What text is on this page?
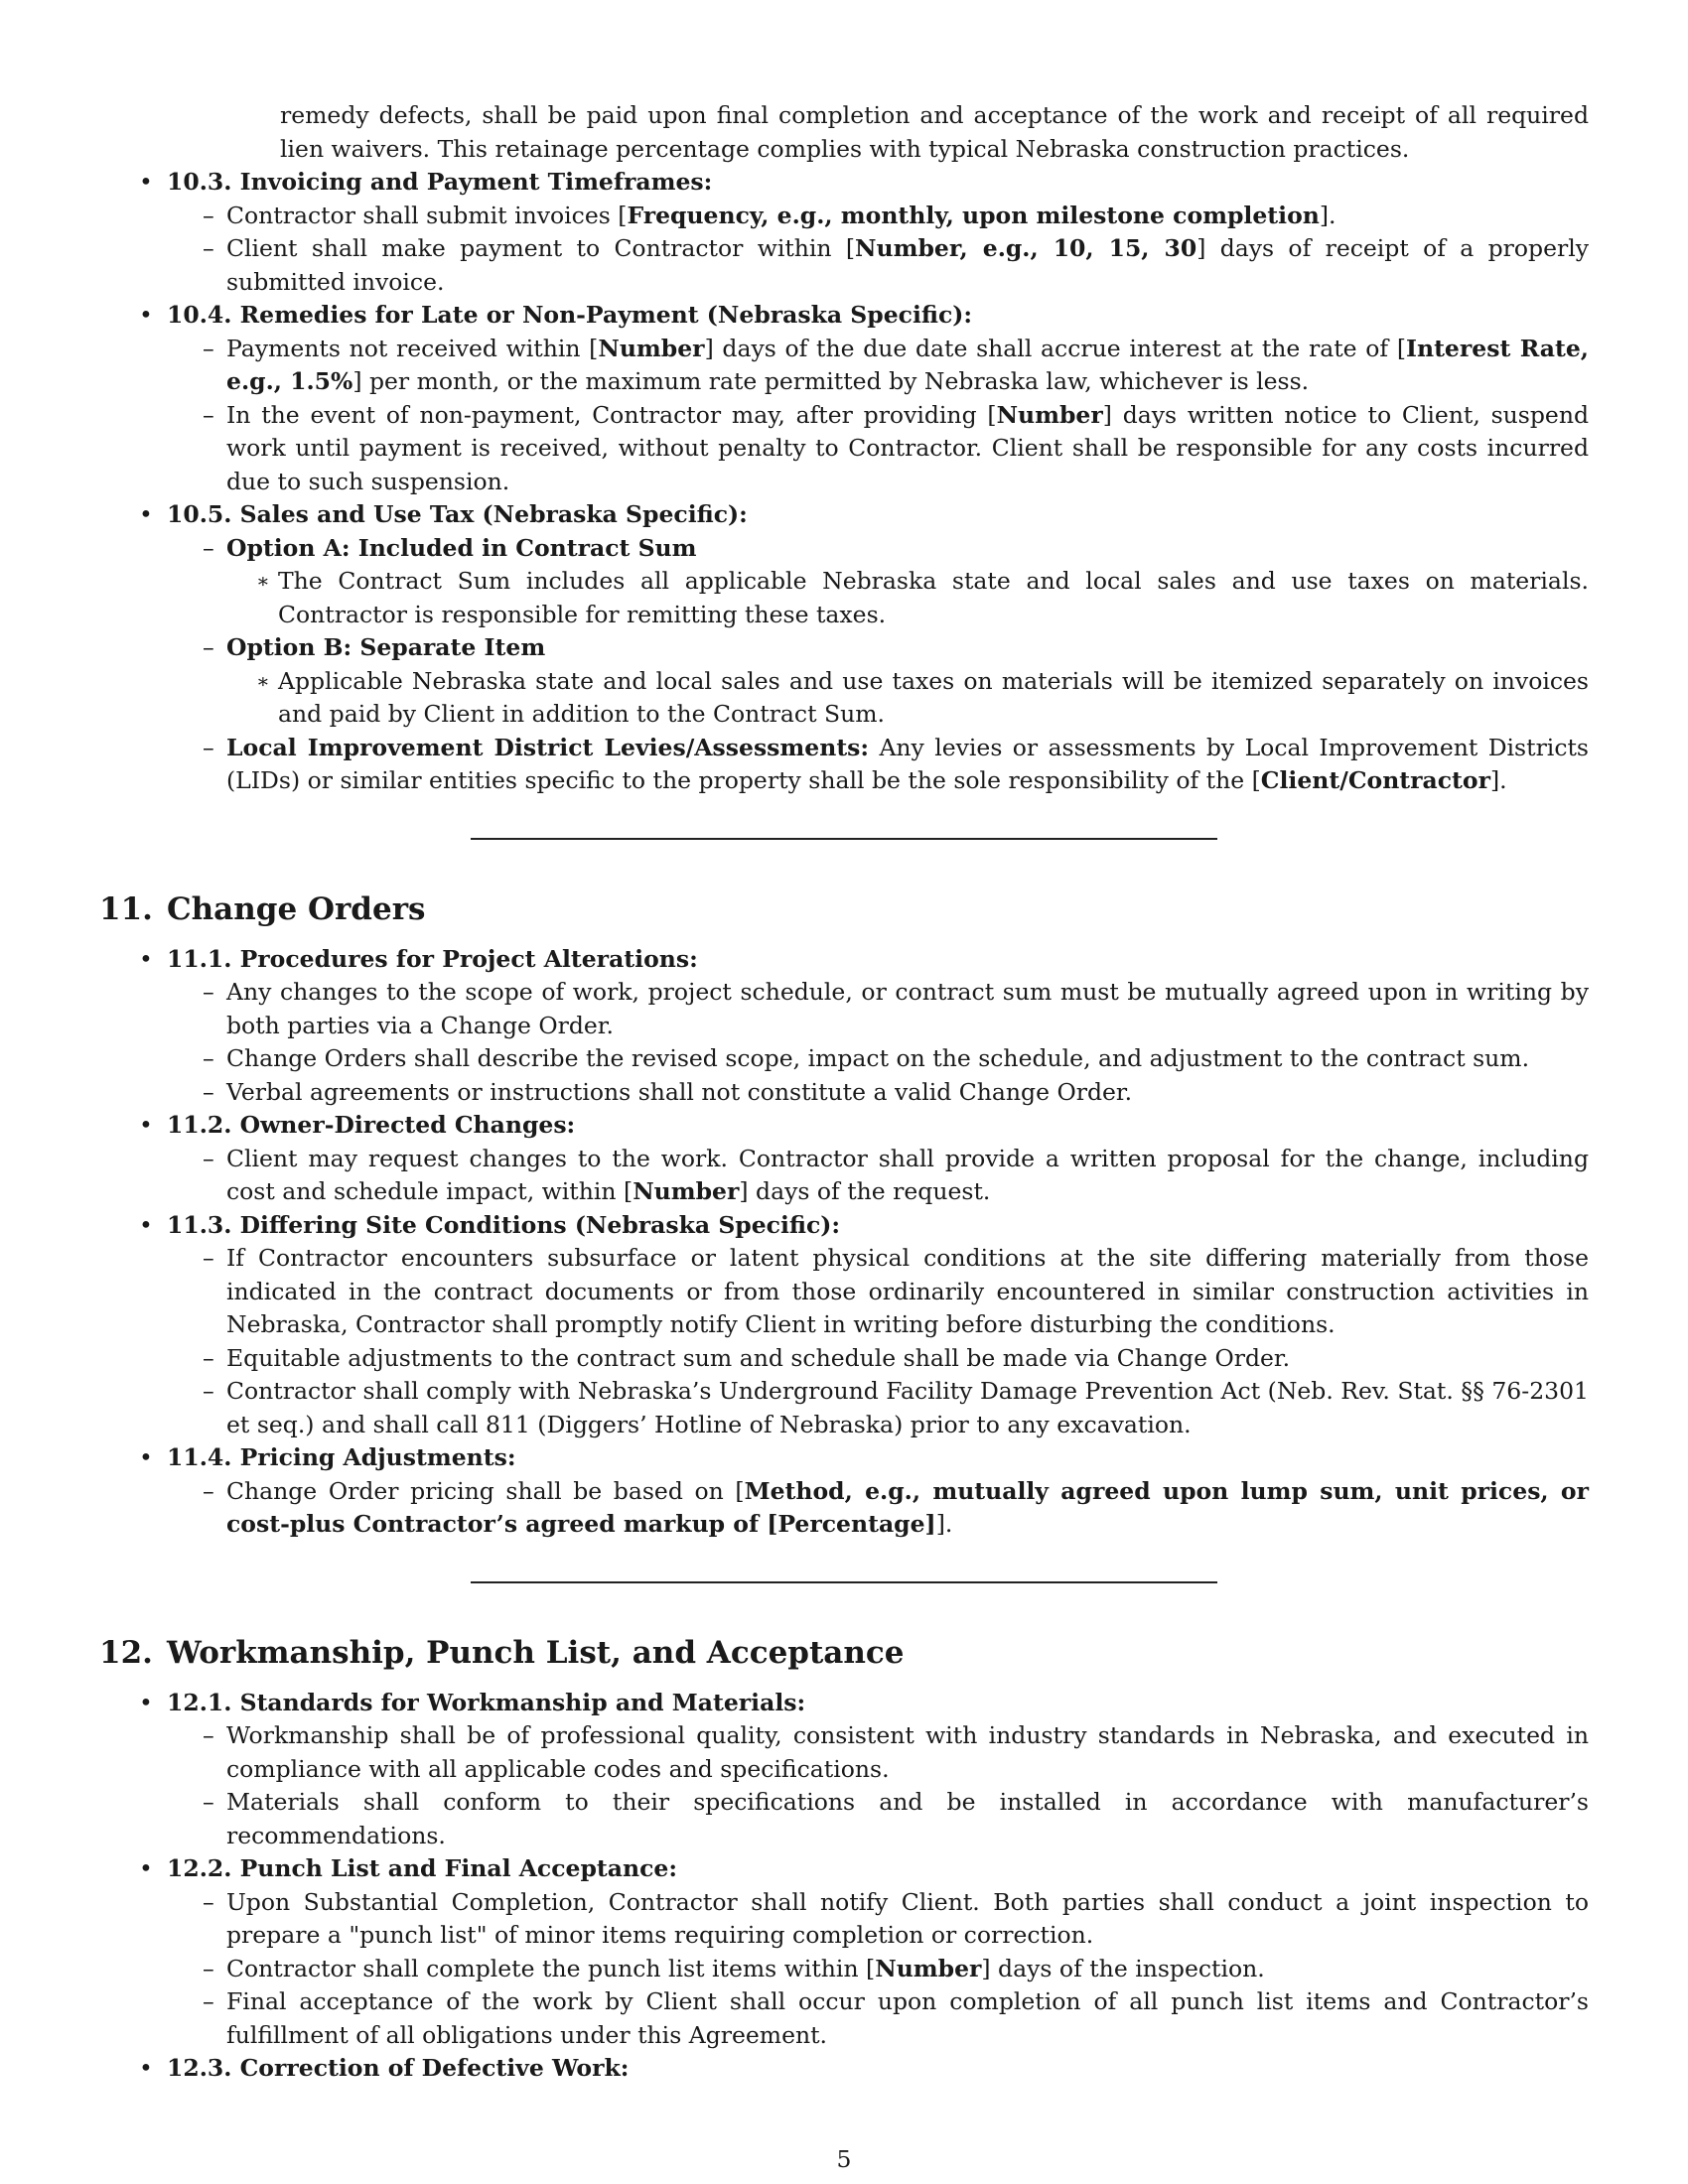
remedy defects, shall be paid upon final completion and acceptance of the work and receipt of all required lien waivers. This retainage percentage complies with typical Nebraska construction practices.
• 10.3. Invoicing and Payment Timeframes:
– Contractor shall submit invoices [Frequency, e.g., monthly, upon milestone completion].
– Client shall make payment to Contractor within [Number, e.g., 10, 15, 30] days of receipt of a properly submitted invoice.
• 10.4. Remedies for Late or Non-Payment (Nebraska Specific):
– Payments not received within [Number] days of the due date shall accrue interest at the rate of [Interest Rate, e.g., 1.5%] per month, or the maximum rate permitted by Nebraska law, whichever is less.
– In the event of non-payment, Contractor may, after providing [Number] days written notice to Client, suspend work until payment is received, without penalty to Contractor. Client shall be responsible for any costs incurred due to such suspension.
• 10.5. Sales and Use Tax (Nebraska Specific):
– Option A: Included in Contract Sum
∗ The Contract Sum includes all applicable Nebraska state and local sales and use taxes on materials. Contractor is responsible for remitting these taxes.
– Option B: Separate Item
∗ Applicable Nebraska state and local sales and use taxes on materials will be itemized separately on invoices and paid by Client in addition to the Contract Sum.
– Local Improvement District Levies/Assessments: Any levies or assessments by Local Improvement Districts (LIDs) or similar entities specific to the property shall be the sole responsibility of the [Client/Contractor].
11. Change Orders
• 11.1. Procedures for Project Alterations:
– Any changes to the scope of work, project schedule, or contract sum must be mutually agreed upon in writing by both parties via a Change Order.
– Change Orders shall describe the revised scope, impact on the schedule, and adjustment to the contract sum.
– Verbal agreements or instructions shall not constitute a valid Change Order.
• 11.2. Owner-Directed Changes:
– Client may request changes to the work. Contractor shall provide a written proposal for the change, including cost and schedule impact, within [Number] days of the request.
• 11.3. Differing Site Conditions (Nebraska Specific):
– If Contractor encounters subsurface or latent physical conditions at the site differing materially from those indicated in the contract documents or from those ordinarily encountered in similar construction activities in Nebraska, Contractor shall promptly notify Client in writing before disturbing the conditions.
– Equitable adjustments to the contract sum and schedule shall be made via Change Order.
– Contractor shall comply with Nebraska’s Underground Facility Damage Prevention Act (Neb. Rev. Stat. §§ 76-2301 et seq.) and shall call 811 (Diggers’ Hotline of Nebraska) prior to any excavation.
• 11.4. Pricing Adjustments:
– Change Order pricing shall be based on [Method, e.g., mutually agreed upon lump sum, unit prices, or cost-plus Contractor’s agreed markup of [Percentage]].
12. Workmanship, Punch List, and Acceptance
• 12.1. Standards for Workmanship and Materials:
– Workmanship shall be of professional quality, consistent with industry standards in Nebraska, and executed in compliance with all applicable codes and specifications.
– Materials shall conform to their specifications and be installed in accordance with manufacturer’s recommendations.
• 12.2. Punch List and Final Acceptance:
– Upon Substantial Completion, Contractor shall notify Client. Both parties shall conduct a joint inspection to prepare a "punch list" of minor items requiring completion or correction.
– Contractor shall complete the punch list items within [Number] days of the inspection.
– Final acceptance of the work by Client shall occur upon completion of all punch list items and Contractor’s fulfillment of all obligations under this Agreement.
• 12.3. Correction of Defective Work:
5
